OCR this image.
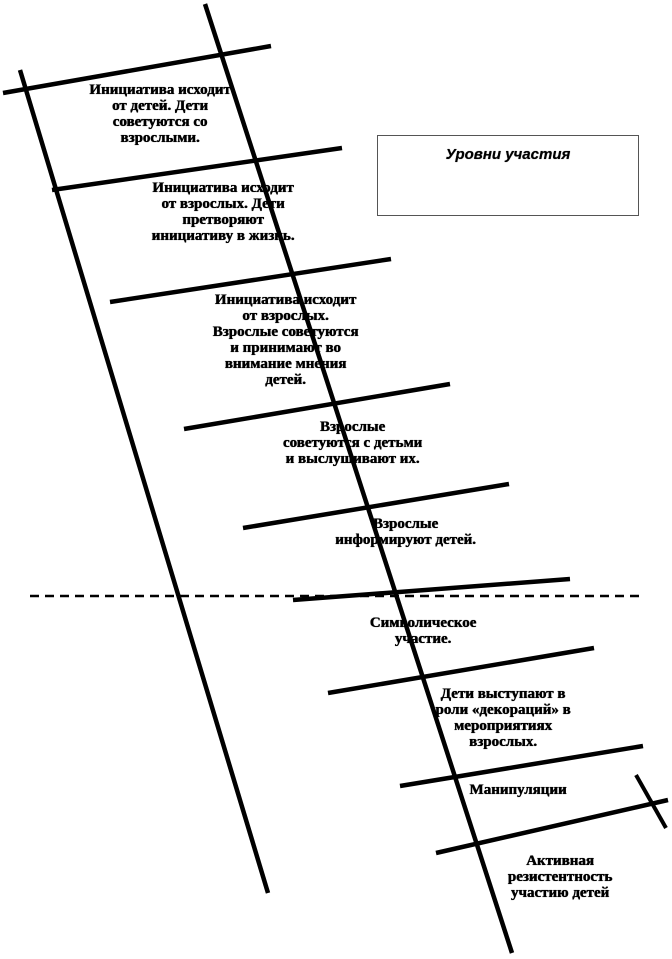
Уровни участия
Инициатива исходит
от детей. Дети
советуются со
взрослыми.
Инициатива исходит
от взрослых. Дети
претворяют
инициативу в жизнь.
Инициатива исходит
от взрослых.
Взрослые советуются
и принимают во
внимание мнения
детей.
Взрослые
советуются с детьми
и выслушивают их.
Взрослые
информируют детей.
Символическое
участие.
Дети выступают в
роли «декораций» в
мероприятиях
взрослых.
Манипуляции
Активная
резистентность
участию детей
